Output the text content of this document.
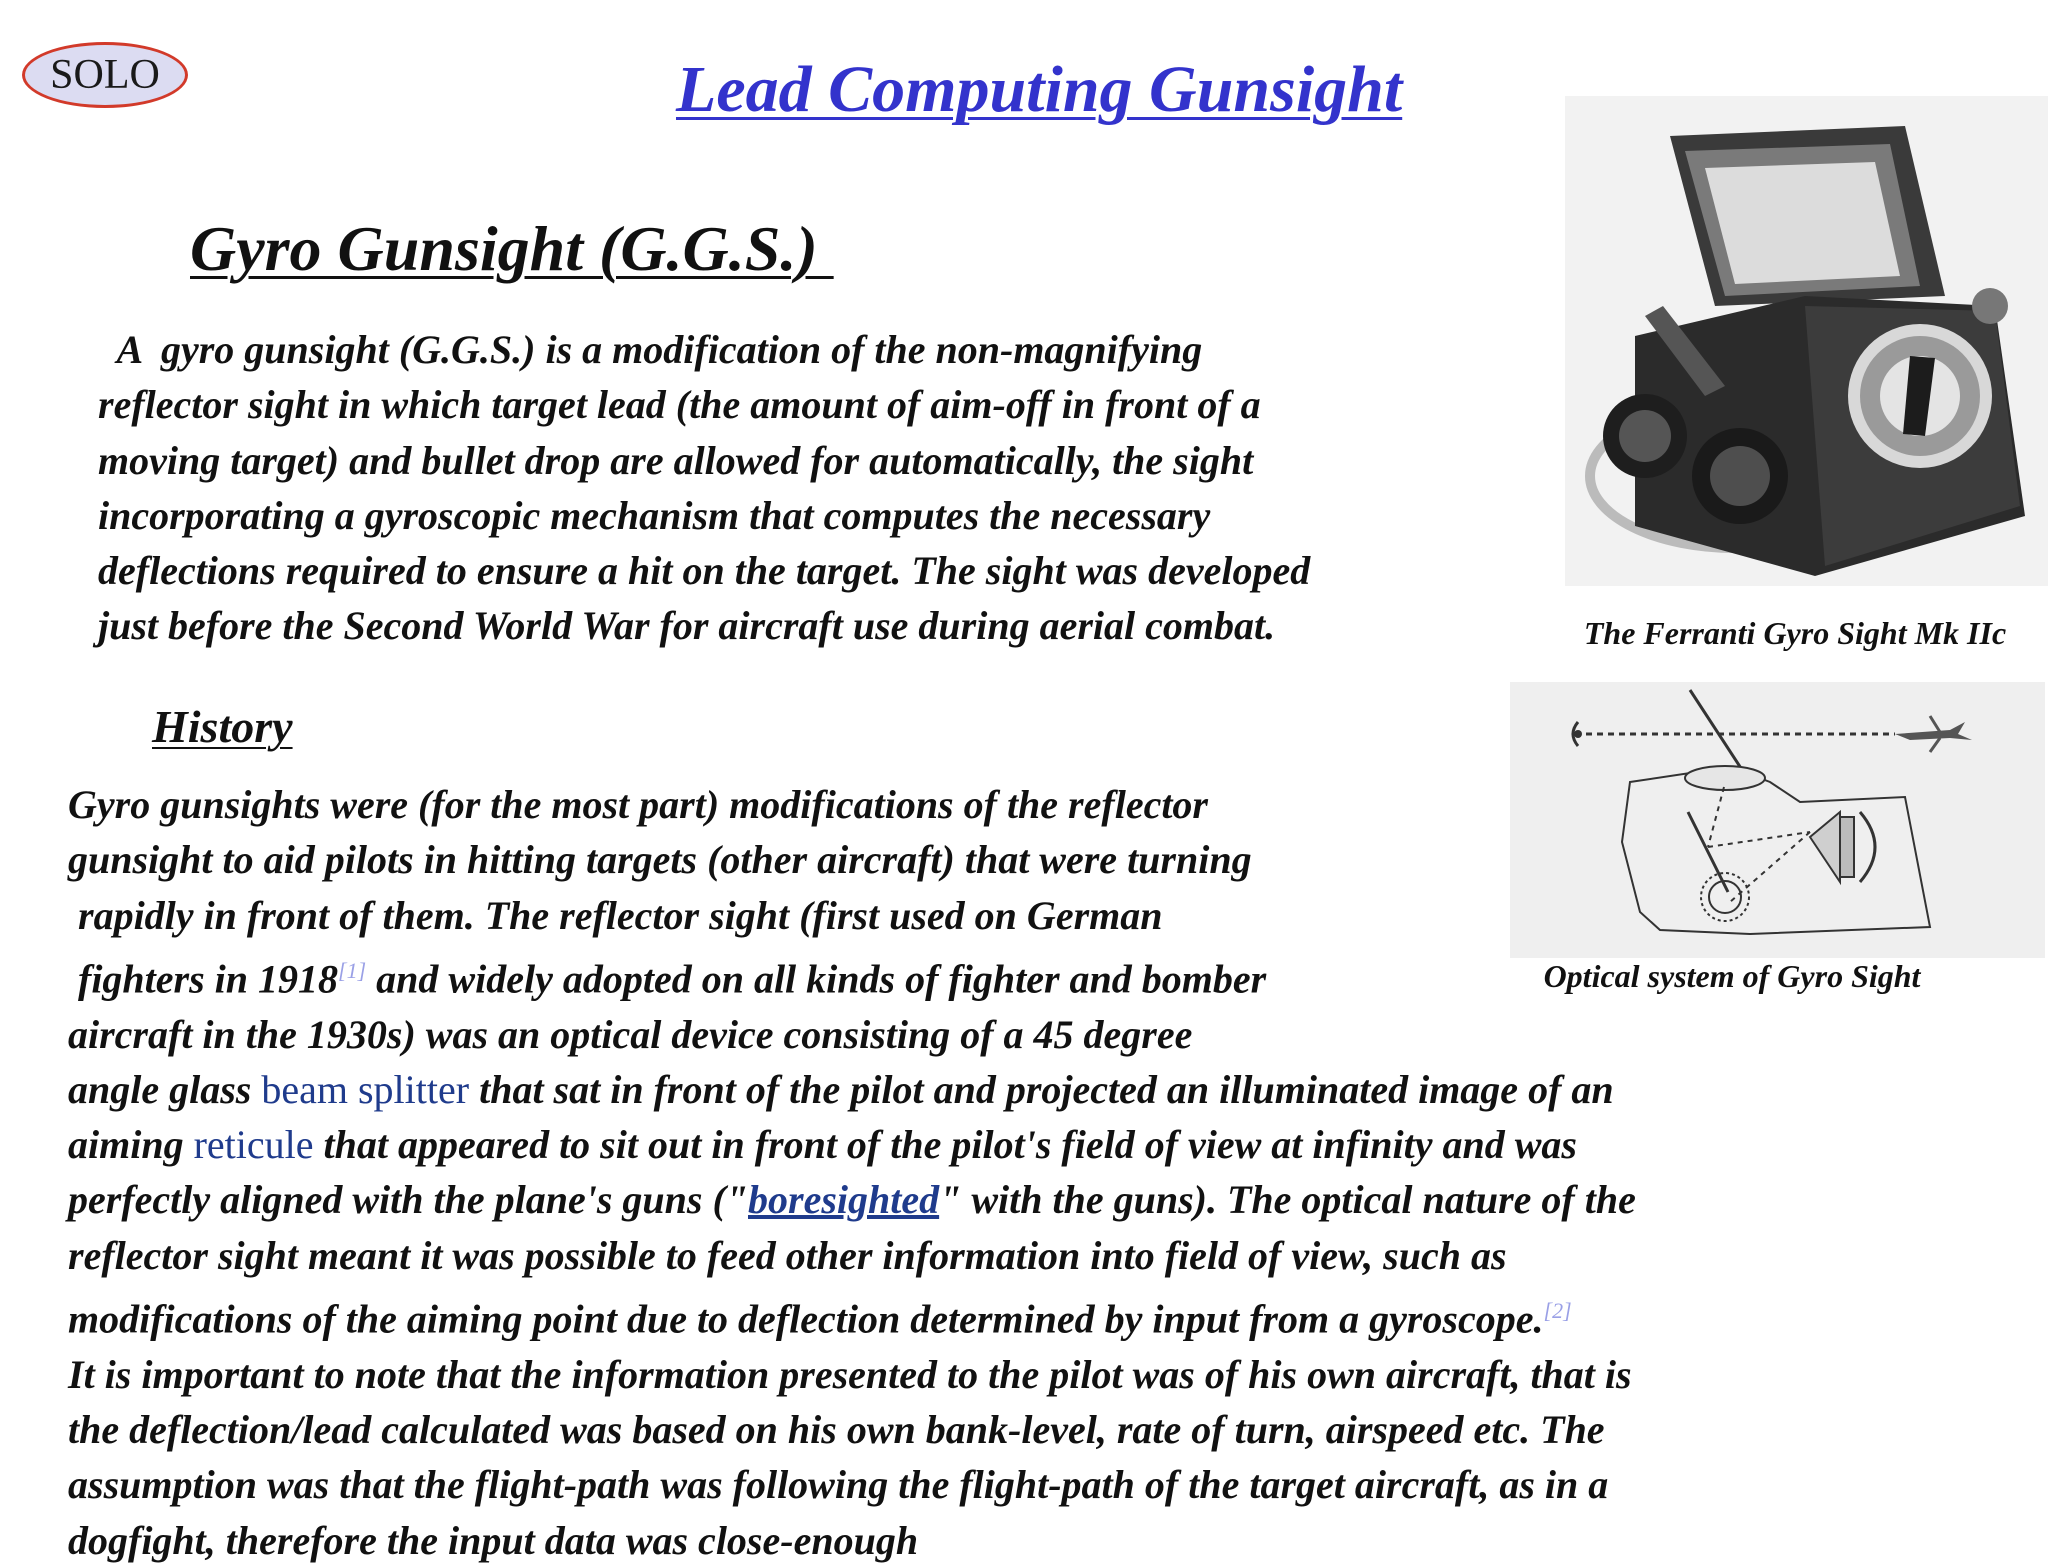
SOLO	Lead Computing Gunsight
Gyro Gunsight (G.G.S.)
A  gyro gunsight (G.G.S.) is a modification of the non-magnifying
reflector sight in which target lead (the amount of aim-off in front of a
moving target) and bullet drop are allowed for automatically, the sight
incorporating a gyroscopic mechanism that computes the necessary
deflections required to ensure a hit on the target. The sight was developed
just before the Second World War for aircraft use during aerial combat.
History
Gyro gunsights were (for the most part) modifications of the reflector
gunsight to aid pilots in hitting targets (other aircraft) that were turning
rapidly in front of them. The reflector sight (first used on German
fighters in 1918[1] and widely adopted on all kinds of fighter and bomber
aircraft in the 1930s) was an optical device consisting of a 45 degree
angle glass beam splitter that sat in front of the pilot and projected an illuminated image of an
aiming reticule that appeared to sit out in front of the pilot's field of view at infinity and was
perfectly aligned with the plane's guns ("boresighted" with the guns). The optical nature of the
reflector sight meant it was possible to feed other information into field of view, such as
modifications of the aiming point due to deflection determined by input from a gyroscope.[2]
It is important to note that the information presented to the pilot was of his own aircraft, that is
the deflection/lead calculated was based on his own bank-level, rate of turn, airspeed etc. The
assumption was that the flight-path was following the flight-path of the target aircraft, as in a
dogfight, therefore the input data was close-enough
The Ferranti Gyro Sight Mk IIc
Optical system of Gyro Sight
